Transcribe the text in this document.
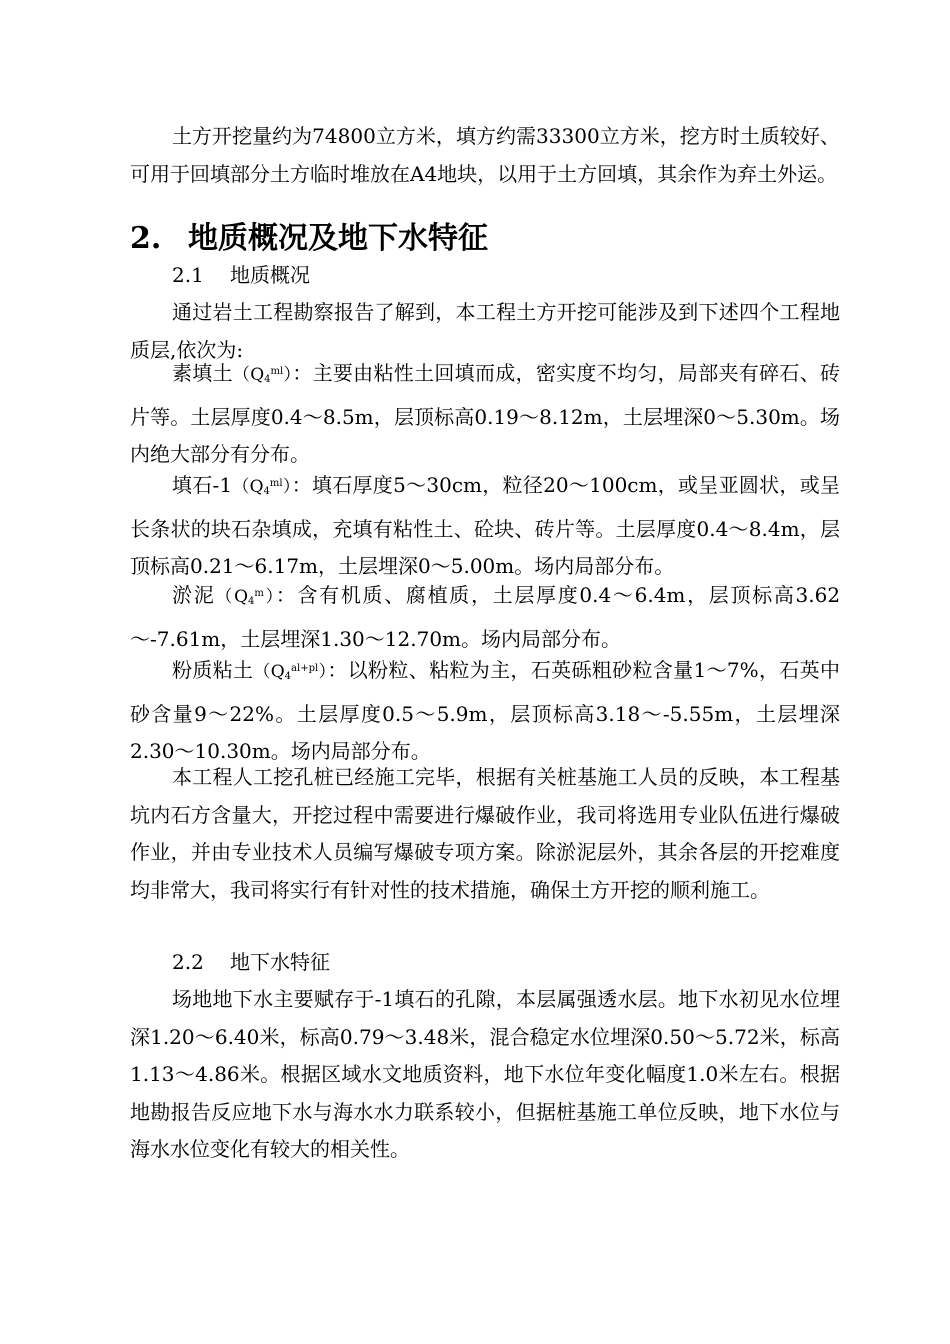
土方开挖量约为74800立方米，填方约需33300立方米，挖方时土质较好、可用于回填部分土方临时堆放在A4地块，以用于土方回填，其余作为弃土外运。

2. 地质概况及地下水特征
2.1 地质概况

通过岩土工程勘察报告了解到，本工程土方开挖可能涉及到下述四个工程地质层,依次为:

素填土$(Q_4^{ml})$：主要由粘性土回填而成，密实度不均匀，局部夹有碎石、砖片等。土层厚度0.4～8.5m，层顶标高0.19～8.12m，土层埋深0～5.30m。场内绝大部分有分布。

填石$-1(Q_4^{ml})$：填石厚度5～30cm，粒径20～100cm，或呈亚圆状，或呈长条状的块石杂填成，充填有粘性土、砼块、砖片等。土层厚度0.4～8.4m，层顶标高0.21～6.17m，土层埋深0～5.00m。场内局部分布。

淤泥$(Q_4^m)$：含有机质、腐植质，土层厚度0.4～6.4m，层顶标高3.62～-7.61m，土层埋深1.30～12.70m。场内局部分布。

粉质粘土$(Q_4^{al+pl})$：以粉粒、粘粒为主，石英砾粗砂粒含量1～7%，石英中砂含量9～22%。土层厚度0.5～5.9m，层顶标高3.18～-5.55m，土层埋深2.30～10.30m。场内局部分布。

本工程人工挖孔桩已经施工完毕，根据有关桩基施工人员的反映，本工程基坑内石方含量大，开挖过程中需要进行爆破作业，我司将选用专业队伍进行爆破作业，并由专业技术人员编写爆破专项方案。除淤泥层外，其余各层的开挖难度均非常大，我司将实行有针对性的技术措施，确保土方开挖的顺利施工。

2.2 地下水特征

场地地下水主要赋存于-1填石的孔隙，本层属强透水层。地下水初见水位埋深1.20～6.40米，标高0.79～3.48米，混合稳定水位埋深0.50～5.72米，标高1.13～4.86米。根据区域水文地质资料，地下水位年变化幅度1.0米左右。根据地勘报告反应地下水与海水水力联系较小，但据桩基施工单位反映，地下水位与海水水位变化有较大的相关性。
